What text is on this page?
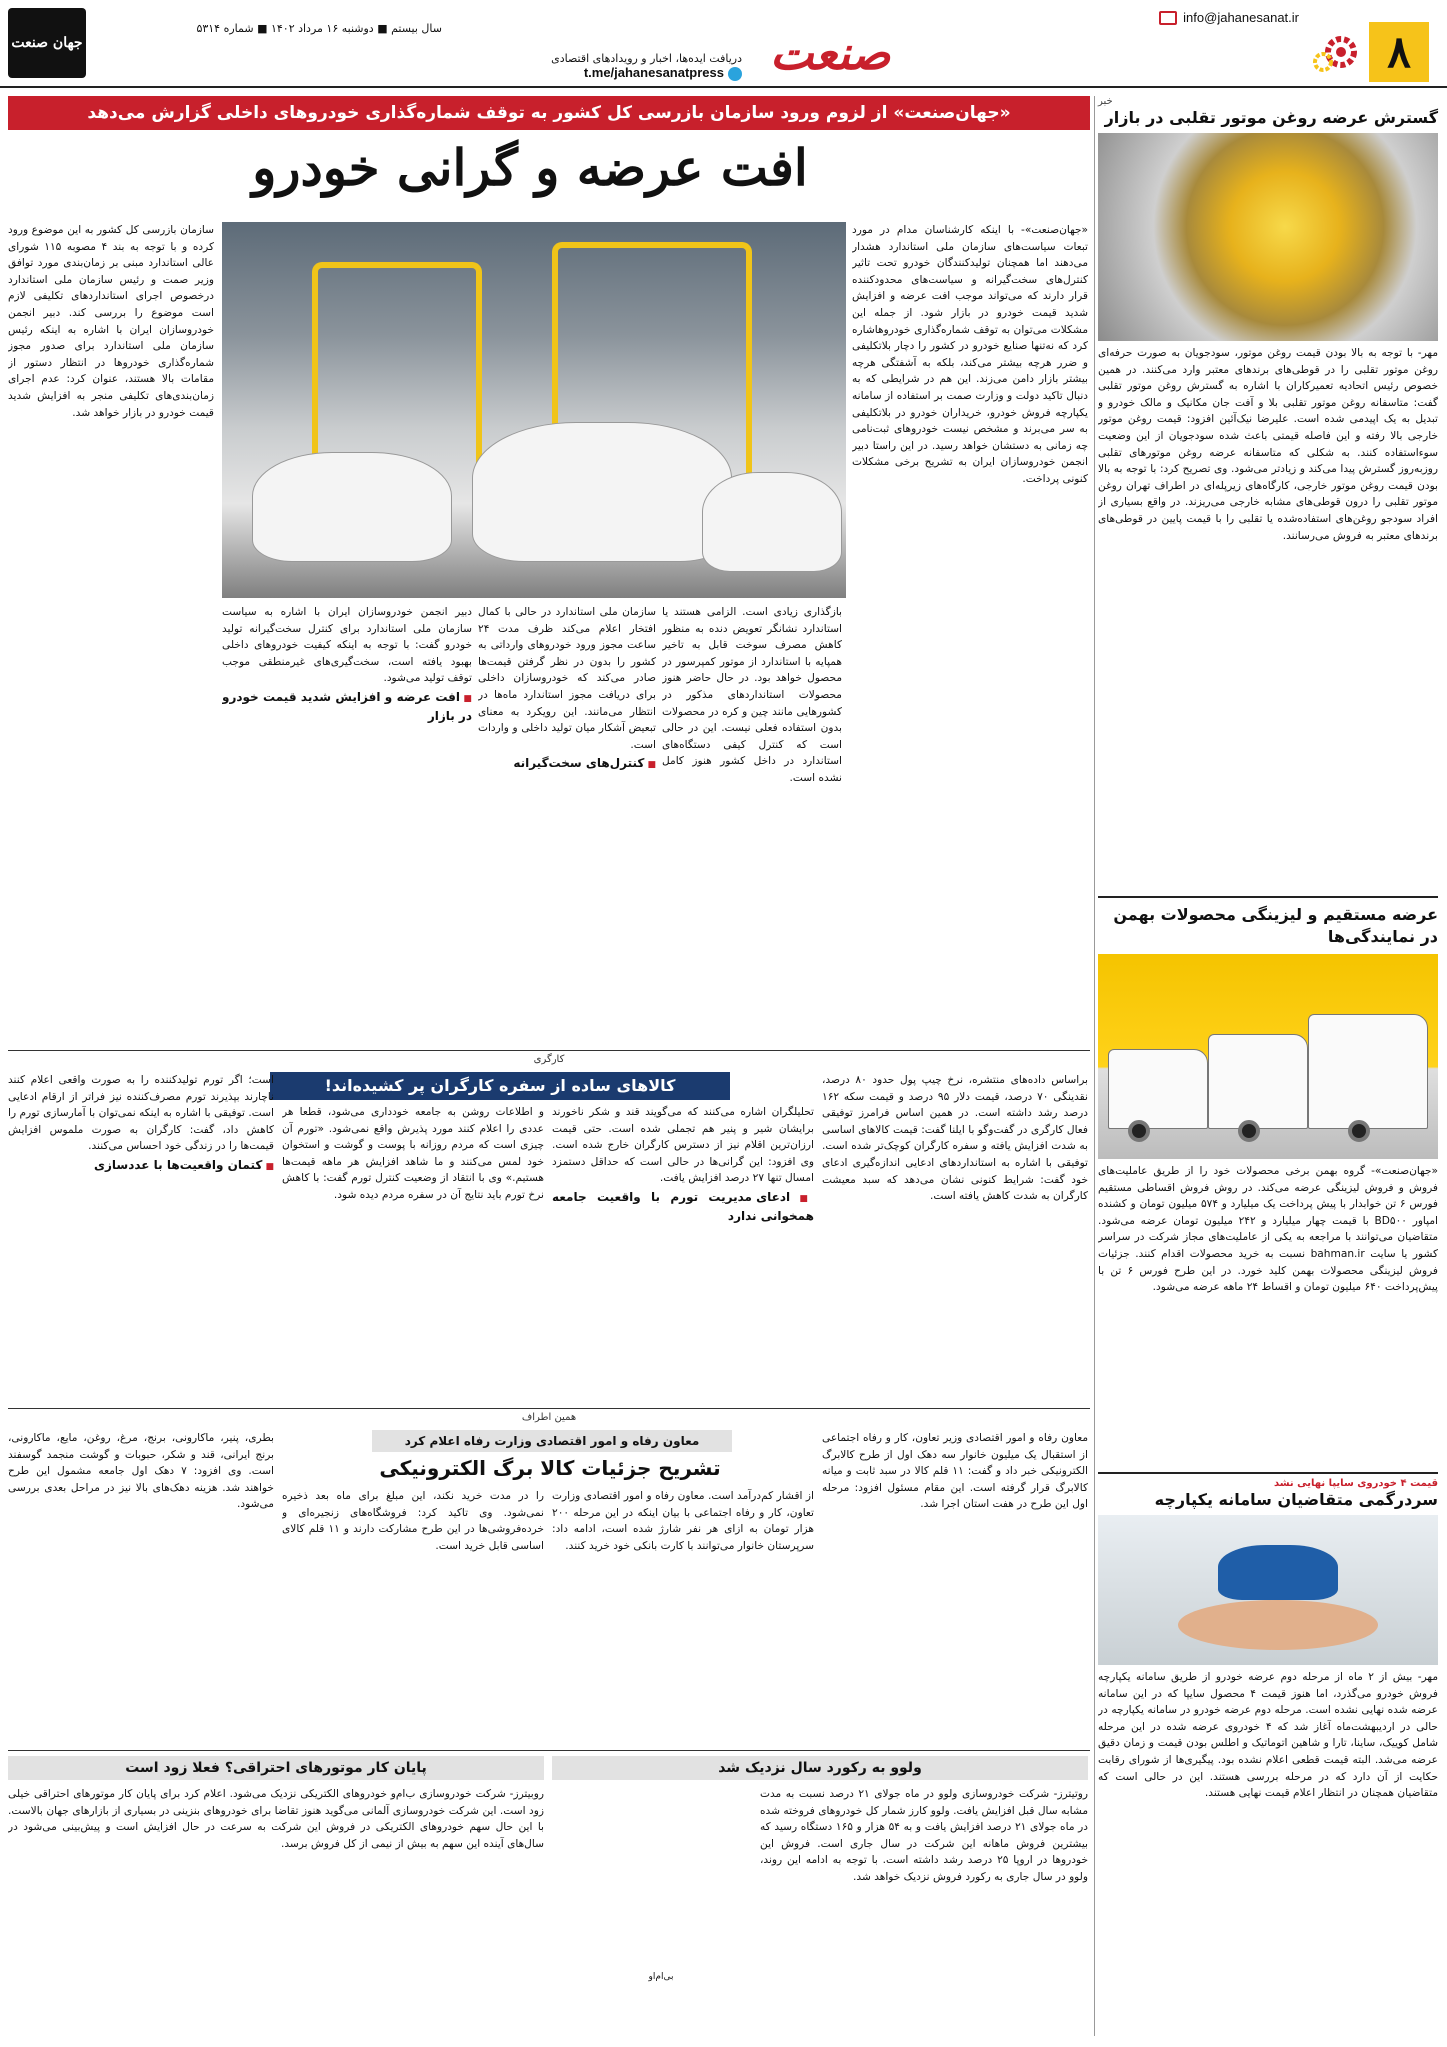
۸
info@jahanesanat.ir
صنعت
دریافت ایده‌ها، اخبار و رویدادهای اقتصادی
t.me/jahanesanatpress
سال بیستم ■ دوشنبه ۱۶ مرداد ۱۴۰۲ ■ شماره ۵۳۱۴
جهان صنعت
«جهان‌صنعت» از لزوم ورود سازمان بازرسی کل کشور به توقف شماره‌گذاری خودروهای داخلی گزارش می‌دهد
افت عرضه و گرانی خودرو

«جهان‌صنعت»- با اینکه کارشناسان مدام در مورد تبعات سیاست‌های سازمان ملی استاندارد هشدار می‌دهند اما همچنان تولیدکنندگان خودرو تحت تاثیر کنترل‌های سخت‌گیرانه و سیاست‌های محدودکننده قرار دارند که می‌تواند موجب افت عرضه و افزایش شدید قیمت خودرو در بازار شود. از جمله این مشکلات می‌توان به توقف شماره‌گذاری خودروهاشاره کرد که نه‌تنها صنایع خودرو در کشور را دچار بلاتکلیفی و ضرر هرچه بیشتر می‌کند، بلکه به آشفتگی هرچه بیشتر بازار دامن می‌زند. این هم در شرایطی که به دنبال تاکید دولت و وزارت صمت بر استفاده از سامانه یکپارچه فروش خودرو، خریداران خودرو در بلاتکلیفی به سر می‌برند و مشخص نیست خودروهای ثبت‌نامی چه زمانی به دستشان خواهد رسید. در این راستا دبیر انجمن خودروسازان ایران به تشریح برخی مشکلات کنونی پرداخت.

بازگذاری زیادی است. الزامی هستند یا استاندارد نشانگر تعویض دنده به منظور کاهش مصرف سوخت قابل به تاخیر همپایه با استاندارد از موتور کمپرسور در محصول خواهد بود. در حال حاضر هنوز محصولات استانداردهای مذکور در کشورهایی مانند چین و کره در محصولات بدون استفاده فعلی نیست. این در حالی است که کنترل کیفی دستگاه‌های استاندارد در داخل کشور هنوز کامل نشده است.

سازمان ملی استاندارد در حالی با کمال افتخار اعلام می‌کند ظرف مدت ۲۴ ساعت مجوز ورود خودروهای وارداتی به کشور را بدون در نظر گرفتن قیمت‌ها صادر می‌کند که خودروسازان داخلی برای دریافت مجوز استاندارد ماه‌ها در انتظار می‌مانند. این رویکرد به معنای تبعیض آشکار میان تولید داخلی و واردات است.

■ کنترل‌های سخت‌گیرانه

دبیر انجمن خودروسازان ایران با اشاره به سیاست سازمان ملی استاندارد برای کنترل سخت‌گیرانه تولید خودرو گفت: با توجه به اینکه کیفیت خودروهای داخلی بهبود یافته است، سخت‌گیری‌های غیرمنطقی موجب توقف تولید می‌شود.

■ افت عرضه و افزایش شدید قیمت خودرو در بازار

سازمان بازرسی کل کشور به این موضوع ورود کرده و با توجه به بند ۴ مصوبه ۱۱۵ شورای عالی استاندارد مبنی بر زمان‌بندی مورد توافق وزیر صمت و رئیس سازمان ملی استاندارد درخصوص اجرای استانداردهای تکلیفی لازم است موضوع را بررسی کند. دبیر انجمن خودروسازان ایران با اشاره به اینکه رئیس سازمان ملی استاندارد برای صدور مجوز شماره‌گذاری خودروها در انتظار دستور از مقامات بالا هستند، عنوان کرد: عدم اجرای زمان‌بندی‌های تکلیفی منجر به افزایش شدید قیمت خودرو در بازار خواهد شد.

خبر
گسترش عرضه روغن موتور تقلبی در بازار
مهر- با توجه به بالا بودن قیمت روغن موتور، سودجویان به صورت حرفه‌ای روغن موتور تقلبی را در قوطی‌های برندهای معتبر وارد می‌کنند. در همین خصوص رئیس اتحادیه تعمیرکاران با اشاره به گسترش روغن موتور تقلبی گفت: متاسفانه روغن موتور تقلبی بلا و آفت جان مکانیک و مالک خودرو و تبدیل به یک اپیدمی شده است. علیرضا نیک‌آئین افزود: قیمت روغن موتور خارجی بالا رفته و این فاصله قیمتی باعث شده سودجویان از این وضعیت سوءاستفاده کنند. به شکلی که متاسفانه عرضه روغن موتورهای تقلبی روزبه‌روز گسترش پیدا می‌کند و زیادتر می‌شود. وی تصریح کرد: با توجه به بالا بودن قیمت روغن موتور خارجی، کارگاه‌های زیرپله‌ای در اطراف تهران روغن موتور تقلبی را درون قوطی‌های مشابه خارجی می‌ریزند. در واقع بسیاری از افراد سودجو روغن‌های استفاده‌شده یا تقلبی را با قیمت پایین در قوطی‌های برندهای معتبر به فروش می‌رسانند.
عرضه مستقیم و لیزینگی محصولات بهمن در نمایندگی‌ها
«جهان‌صنعت»- گروه بهمن برخی محصولات خود را از طریق عاملیت‌های فروش و فروش لیزینگی عرضه می‌کند. در روش فروش اقساطی مستقیم فورس ۶ تن خوابدار با پیش پرداخت یک میلیارد و ۵۷۴ میلیون تومان و کشنده امپاور BD۵۰۰ با قیمت چهار میلیارد و ۲۴۲ میلیون تومان عرضه می‌شود. متقاضیان می‌توانند با مراجعه به یکی از عاملیت‌های مجاز شرکت در سراسر کشور یا سایت bahman.ir نسبت به خرید محصولات اقدام کنند. جزئیات فروش لیزینگی محصولات بهمن کلید خورد. در این طرح فورس ۶ تن با پیش‌پرداخت ۶۴۰ میلیون تومان و اقساط ۲۴ ماهه عرضه می‌شود.
قیمت ۴ خودروی سایپا نهایی نشد
سردرگمی متقاضیان سامانه یکپارچه
مهر- بیش از ۲ ماه از مرحله دوم عرضه خودرو از طریق سامانه یکپارچه فروش خودرو می‌گذرد، اما هنوز قیمت ۴ محصول سایپا که در این سامانه عرضه شده نهایی نشده است. مرحله دوم عرضه خودرو در سامانه یکپارچه در حالی در اردیبهشت‌ماه آغاز شد که ۴ خودروی عرضه شده در این مرحله شامل کوییک، ساینا، تارا و شاهین اتوماتیک و اطلس بودن قیمت و زمان دقیق عرضه می‌شد. البته قیمت قطعی اعلام نشده بود. پیگیری‌ها از شورای رقابت حکایت از آن دارد که در مرحله بررسی هستند. این در حالی است که متقاضیان همچنان در انتظار اعلام قیمت نهایی هستند.
کارگری
کالاهای ساده از سفره کارگران پر کشیده‌اند!	براساس داده‌های منتشره، نرخ چیپ پول حدود ۸۰ درصد، نقدینگی ۷۰ درصد، قیمت دلار ۹۵ درصد و قیمت سکه ۱۶۲ درصد رشد داشته است. در همین اساس فرامرز توفیقی فعال کارگری در گفت‌وگو با ایلنا گفت: قیمت کالاهای اساسی به شدت افزایش یافته و سفره کارگران کوچک‌تر شده است. توفیقی با اشاره به استانداردهای ادعایی اندازه‌گیری ادعای خود گفت: شرایط کنونی نشان می‌دهد که سبد معیشت کارگران به شدت کاهش یافته است.

تحلیلگران اشاره می‌کنند که می‌گویند قند و شکر ناخورند برایشان شیر و پنیر هم تجملی شده است. حتی قیمت ارزان‌ترین اقلام نیز از دسترس کارگران خارج شده است. وی افزود: این گرانی‌ها در حالی است که حداقل دستمزد امسال تنها ۲۷ درصد افزایش یافت.

■ ادعای مدیریت تورم با واقعیت جامعه همخوانی ندارد

و اطلاعات روشن به جامعه خودداری می‌شود، قطعا هر عددی را اعلام کنند مورد پذیرش واقع نمی‌شود. «تورم آن چیزی است که مردم روزانه با پوست و گوشت و استخوان خود لمس می‌کنند و ما شاهد افزایش هر ماهه قیمت‌ها هستیم.» وی با انتقاد از وضعیت کنترل تورم گفت: با کاهش نرخ تورم باید نتایج آن در سفره مردم دیده شود.

است؛ اگر تورم تولیدکننده را به صورت واقعی اعلام کنند ناچارند بپذیرند تورم مصرف‌کننده نیز فراتر از ارقام ادعایی است. توفیقی با اشاره به اینکه نمی‌توان با آمارسازی تورم را کاهش داد، گفت: کارگران به صورت ملموس افزایش قیمت‌ها را در زندگی خود احساس می‌کنند.

■ کتمان واقعیت‌ها با عددسازی
همین اطراف
معاون رفاه و امور اقتصادی وزارت رفاه اعلام کرد
تشریح جزئیات کالا برگ الکترونیکی

معاون رفاه و امور اقتصادی وزیر تعاون، کار و رفاه اجتماعی از استقبال یک میلیون خانوار سه دهک اول از طرح کالابرگ الکترونیکی خبر داد و گفت: ۱۱ قلم کالا در سبد ثابت و میانه کالابرگ قرار گرفته است. این مقام مسئول افزود: مرحله اول این طرح در هفت استان اجرا شد.

از اقشار کم‌درآمد است. معاون رفاه و امور اقتصادی وزارت تعاون، کار و رفاه اجتماعی با بیان اینکه در این مرحله ۲۰۰ هزار تومان به ازای هر نفر شارژ شده است، ادامه داد: سرپرستان خانوار می‌توانند با کارت بانکی خود خرید کنند.

را در مدت خرید نکند، این مبلغ برای ماه بعد ذخیره نمی‌شود. وی تاکید کرد: فروشگاه‌های زنجیره‌ای و خرده‌فروشی‌ها در این طرح مشارکت دارند و ۱۱ قلم کالای اساسی قابل خرید است.

بطری، پنیر، ماکارونی، برنج، مرغ، روغن، مایع، ماکارونی، برنج ایرانی، قند و شکر، حبوبات و گوشت منجمد گوسفند است. وی افزود: ۷ دهک اول جامعه مشمول این طرح خواهند شد. هزینه دهک‌های بالا نیز در مراحل بعدی بررسی می‌شود.

ولوو به رکورد سال نزدیک شد
روتیترز- شرکت خودروسازی ولوو در ماه جولای ۲۱ درصد نسبت به مدت مشابه سال قبل افزایش یافت. ولوو کارز شمار کل خودروهای فروخته شده در ماه جولای ۲۱ درصد افزایش یافت و به ۵۴ هزار و ۱۶۵ دستگاه رسید که بیشترین فروش ماهانه این شرکت در سال جاری است. فروش این خودروها در اروپا ۲۵ درصد رشد داشته است. با توجه به ادامه این روند، ولوو در سال جاری به رکورد فروش نزدیک خواهد شد.
بی‌ام‌او
پایان کار موتورهای احتراقی؟ فعلا زود است
روبیترز- شرکت خودروسازی ب‌ام‌و خودروهای الکتریکی نزدیک می‌شود. اعلام کرد برای پایان کار موتورهای احتراقی خیلی زود است. این شرکت خودروسازی آلمانی می‌گوید هنوز تقاضا برای خودروهای بنزینی در بسیاری از بازارهای جهان بالاست. با این حال سهم خودروهای الکتریکی در فروش این شرکت به سرعت در حال افزایش است و پیش‌بینی می‌شود در سال‌های آینده این سهم به بیش از نیمی از کل فروش برسد.
